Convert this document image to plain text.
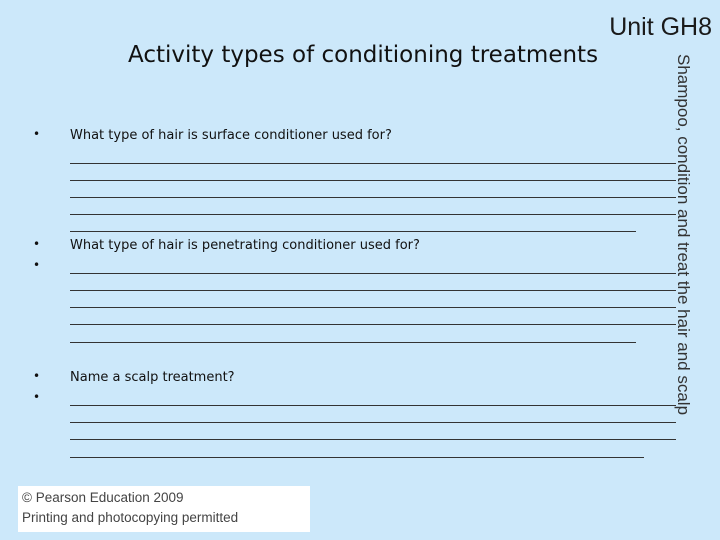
Unit GH8
Activity types of conditioning treatments	Shampoo, condition and treat the hair and scalp
• What type of hair is surface conditioner used for?
•
•
What type of hair is penetrating conditioner used for?
•
•
Name a scalp treatment?
© Pearson Education 2009
Printing and photocopying permitted
